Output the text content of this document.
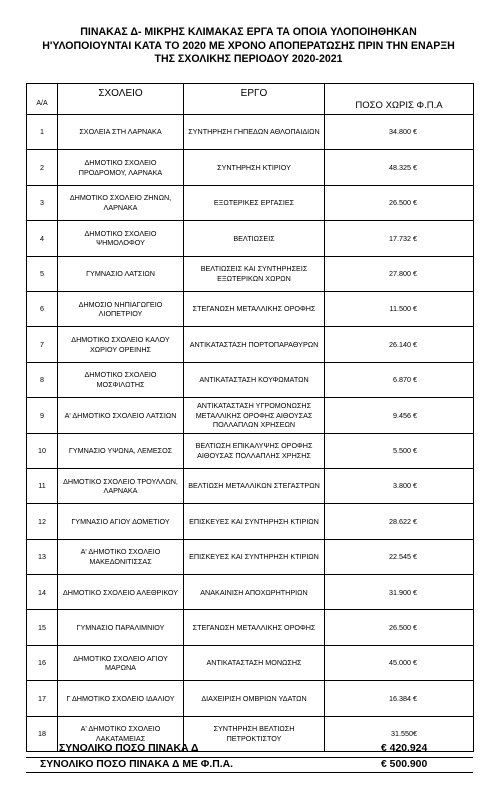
ΠΙΝΑΚΑΣ Δ- ΜΙΚΡΗΣ ΚΛΙΜΑΚΑΣ ΕΡΓΑ ΤΑ ΟΠΟΙΑ ΥΛΟΠΟΙΗΘΗΚΑΝ
Η'ΥΛΟΠΟΙΟΥΝΤΑΙ ΚΑΤΑ ΤΟ 2020 ΜΕ ΧΡΟΝΟ ΑΠΟΠΕΡΑΤΩΣΗΣ ΠΡΙΝ ΤΗΝ ΕΝΑΡΞΗ
ΤΗΣ ΣΧΟΛΙΚΗΣ ΠΕΡΙΟΔΟΥ 2020-2021
Α/Α	ΣΧΟΛΕΙΟ	ΕΡΓΟ	ΠΟΣΟ ΧΩΡΙΣ Φ.Π.Α
1	ΣΧΟΛΕΙΑ ΣΤΗ ΛΑΡΝΑΚΑ	ΣΥΝΤΗΡΗΣΗ ΓΗΠΕΔΩΝ ΑΘΛΟΠΑΙΔΙΩΝ	34.800 €
2	ΔΗΜΟΤΙΚΟ ΣΧΟΛΕΙΟ ΠΡΟΔΡΟΜΟΥ, ΛΑΡΝΑΚΑ	ΣΥΝΤΗΡΗΣΗ ΚΤΙΡΙΟΥ	48.325 €
3	ΔΗΜΟΤΙΚΟ ΣΧΟΛΕΙΟ ΖΗΝΩΝ, ΛΑΡΝΑΚΑ	ΕΞΩΤΕΡΙΚΕΣ ΕΡΓΑΣΙΕΣ	26.500 €
4	ΔΗΜΟΤΙΚΟ ΣΧΟΛΕΙΟ ΨΗΜΟΛΟΦΟΥ	ΒΕΛΤΙΩΣΕΙΣ	17.732 €
5	ΓΥΜΝΑΣΙΟ ΛΑΤΣΙΩΝ	ΒΕΛΤΙΩΣΕΙΣ ΚΑΙ ΣΥΝΤΗΡΗΣΕΙΣ ΕΞΩΤΕΡΙΚΩΝ ΧΩΡΩΝ	27.800 €
6	ΔΗΜΟΣΙΟ ΝΗΠΙΑΓΩΓΕΙΟ ΛΙΟΠΕΤΡΙΟΥ	ΣΤΕΓΑΝΩΣΗ ΜΕΤΑΛΛΙΚΗΣ ΟΡΟΦΗΣ	11.500 €
7	ΔΗΜΟΤΙΚΟ ΣΧΟΛΕΙΟ ΚΑΛΟΥ ΧΩΡΙΟΥ ΟΡΕΙΝΗΣ	ΑΝΤΙΚΑΤΑΣΤΑΣΗ ΠΟΡΤΟΠΑΡΑΘΥΡΩΝ	26.140 €
8	ΔΗΜΟΤΙΚΟ ΣΧΟΛΕΙΟ ΜΟΣΦΙΛΩΤΗΣ	ΑΝΤΙΚΑΤΑΣΤΑΣΗ ΚΟΥΦΩΜΑΤΩΝ	6.870 €
9	Α' ΔΗΜΟΤΙΚΟ ΣΧΟΛΕΙΟ ΛΑΤΣΙΩΝ	ΑΝΤΙΚΑΤΑΣΤΑΣΗ ΥΓΡΟΜΟΝΩΣΗΣ ΜΕΤΑΛΛΙΚΗΣ ΟΡΟΦΗΣ ΑΙΘΟΥΣΑΣ ΠΟΛΛΑΠΛΩΝ ΧΡΗΣΕΩΝ	9.456 €
10	ΓΥΜΝΑΣΙΟ ΥΨΩΝΑ, ΛΕΜΕΣΟΣ	ΒΕΛΤΙΩΣΗ ΕΠΙΚΑΛΥΨΗΣ ΟΡΟΦΗΣ ΑΙΘΟΥΣΑΣ ΠΟΛΛΑΠΛΗΣ ΧΡΗΣΗΣ	5.500 €
11	ΔΗΜΟΤΙΚΟ ΣΧΟΛΕΙΟ ΤΡΟΥΛΛΩΝ, ΛΑΡΝΑΚΑ	ΒΕΛΤΙΩΣΗ ΜΕΤΑΛΛΙΚΩΝ ΣΤΕΓΑΣΤΡΩΝ	3.800 €
12	ΓΥΜΝΑΣΙΟ ΑΓΙΟΥ ΔΟΜΕΤΙΟΥ	ΕΠΙΣΚΕΥΕΣ ΚΑΙ ΣΥΝΤΗΡΗΣΗ ΚΤΙΡΙΩΝ	28.622 €
13	Α' ΔΗΜΟΤΙΚΟ ΣΧΟΛΕΙΟ ΜΑΚΕΔΟΝΙΤΙΣΣΑΣ	ΕΠΙΣΚΕΥΕΣ ΚΑΙ ΣΥΝΤΗΡΗΣΗ ΚΤΙΡΙΩΝ	22.545 €
14	ΔΗΜΟΤΙΚΟ ΣΧΟΛΕΙΟ ΑΛΕΘΡΙΚΟΥ	ΑΝΑΚΑΙΝΙΣΗ ΑΠΟΧΩΡΗΤΗΡΙΩΝ	31.900 €
15	ΓΥΜΝΑΣΙΟ ΠΑΡΑΛΙΜΝΙΟΥ	ΣΤΕΓΑΝΩΣΗ ΜΕΤΑΛΛΙΚΗΣ ΟΡΟΦΗΣ	26.500 €
16	ΔΗΜΟΤΙΚΟ ΣΧΟΛΕΙΟ ΑΓΙΟΥ ΜΑΡΩΝΑ	ΑΝΤΙΚΑΤΑΣΤΑΣΗ ΜΟΝΩΣΗΣ	45.000 €
17	Γ ΔΗΜΟΤΙΚΟ ΣΧΟΛΕΙΟ ΙΔΑΛΙΟΥ	ΔΙΑΧΕΙΡΙΣΗ ΟΜΒΡΙΩΝ ΥΔΑΤΩΝ	16.384 €
18	Α' ΔΗΜΟΤΙΚΟ ΣΧΟΛΕΙΟ ΛΑΚΑΤΑΜΕΙΑΣ	ΣΥΝΤΗΡΗΣΗ ΒΕΛΤΙΩΣΗ ΠΕΤΡΟΚΤΙΣΤΟΥ	31.550€
ΣΥΝΟΛΙΚΟ ΠΟΣΟ ΠΙΝΑΚΑ Δ	€ 420.924
ΣΥΝΟΛΙΚΟ ΠΟΣΟ ΠΙΝΑΚΑ Δ ΜΕ Φ.Π.Α.	€ 500.900
